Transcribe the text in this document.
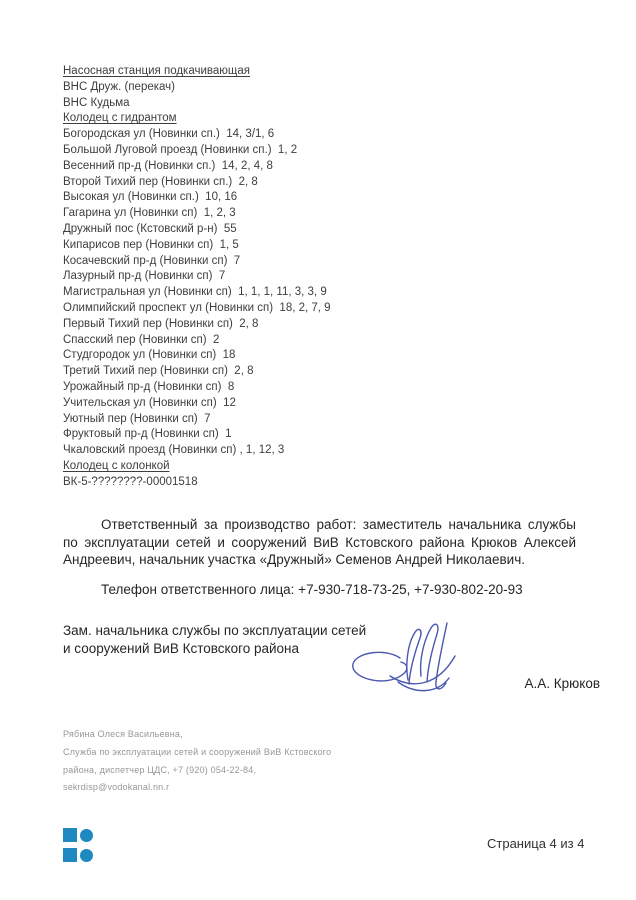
Насосная станция подкачивающая
ВНС Друж. (перекач)
ВНС Кудьма
Колодец с гидрантом
Богородская ул (Новинки сп.)  14, 3/1, 6
Большой Луговой проезд (Новинки сп.)  1, 2
Весенний пр-д (Новинки сп.)  14, 2, 4, 8
Второй Тихий пер (Новинки сп.)  2, 8
Высокая ул (Новинки сп.)  10, 16
Гагарина ул (Новинки сп)  1, 2, 3
Дружный пос (Кстовский р-н)  55
Кипарисов пер (Новинки сп)  1, 5
Косачевский пр-д (Новинки сп)  7
Лазурный пр-д (Новинки сп)  7
Магистральная ул (Новинки сп)  1, 1, 1, 11, 3, 3, 9
Олимпийский проспект ул (Новинки сп)  18, 2, 7, 9
Первый Тихий пер (Новинки сп)  2, 8
Спасский пер (Новинки сп)  2
Студгородок ул (Новинки сп)  18
Третий Тихий пер (Новинки сп)  2, 8
Урожайный пр-д (Новинки сп)  8
Учительская ул (Новинки сп)  12
Уютный пер (Новинки сп)  7
Фруктовый пр-д (Новинки сп)  1
Чкаловский проезд (Новинки сп) , 1, 12, 3
Колодец с колонкой
ВК-5-????????-00001518
Ответственный за производство работ: заместитель начальника службы по эксплуатации сетей и сооружений ВиВ Кстовского района Крюков Алексей Андреевич, начальник участка «Дружный» Семенов Андрей Николаевич.
Телефон ответственного лица: +7-930-718-73-25, +7-930-802-20-93
Зам. начальника службы по эксплуатации сетей и сооружений ВиВ Кстовского района
А.А. Крюков
Рябина Олеся Васильевна,
Служба по эксплуатации сетей и сооружений ВиВ Кстовского
района, диспетчер ЦДС, +7 (920) 054-22-84,
sekrdisp@vodokanal.nn.r
Страница 4 из 4
